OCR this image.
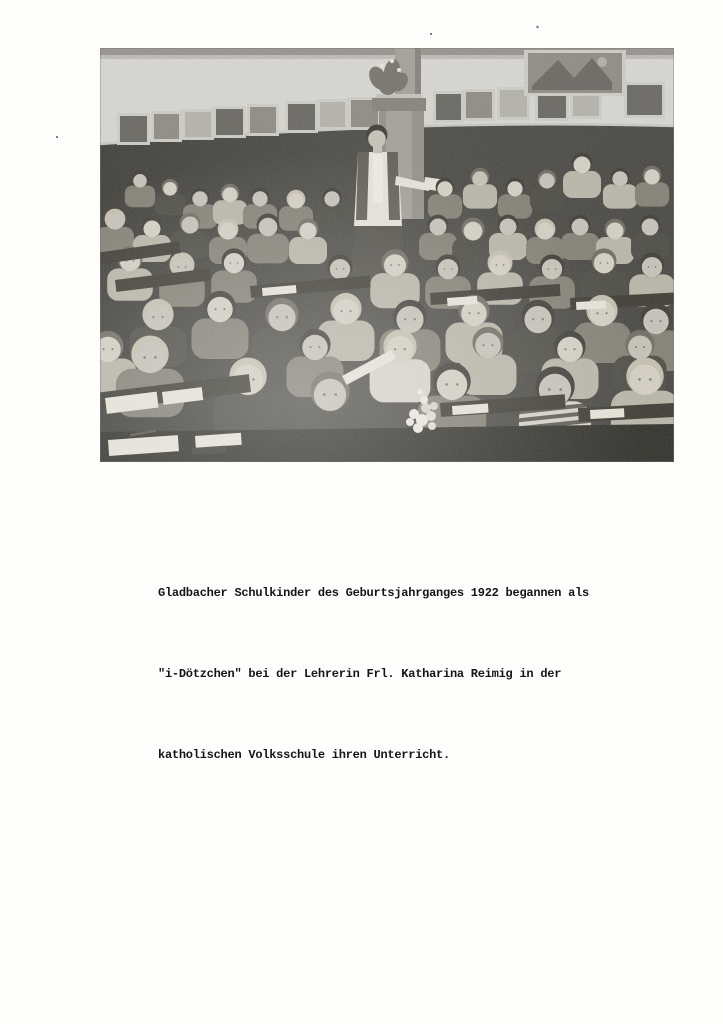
Gladbacher Schulkinder des Geburtsjahrganges 1922 begannen als

"i-Dötzchen" bei der Lehrerin Frl. Katharina Reimig in der

katholischen Volksschule ihren Unterricht.
